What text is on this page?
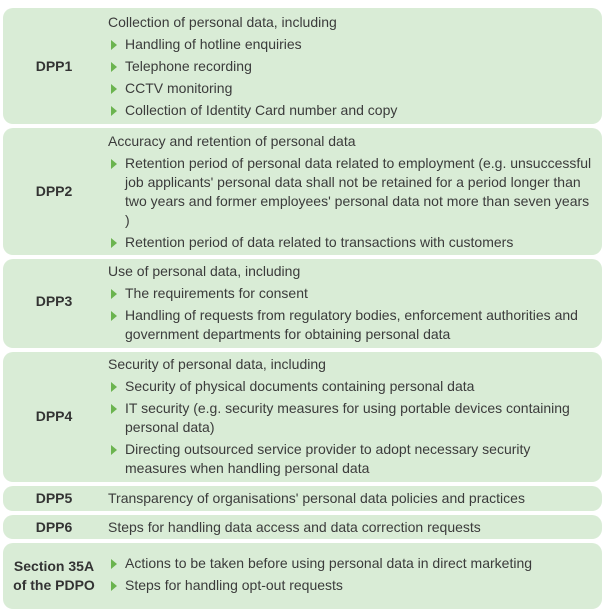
DPP1

Collection of personal data, including

Handling of hotline enquiries
Telephone recording
CCTV monitoring
Collection of Identity Card number and copy
DPP2

Accuracy and retention of personal data

Retention period of personal data related to employment (e.g. unsuccessful job applicants' personal data shall not be retained for a period longer than two years and former employees' personal data not more than seven years )
Retention period of data related to transactions with customers
DPP3

Use of personal data, including

The requirements for consent
Handling of requests from regulatory bodies, enforcement authorities and government departments for obtaining personal data
DPP4

Security of personal data, including

Security of physical documents containing personal data
IT security (e.g. security measures for using portable devices containing personal data)
Directing outsourced service provider to adopt necessary security measures when handling personal data
DPP5	Transparency of organisations' personal data policies and practices
DPP6	Steps for handling data access and data correction requests
Section 35A of the PDPO
Actions to be taken before using personal data in direct marketing
Steps for handling opt-out requests
